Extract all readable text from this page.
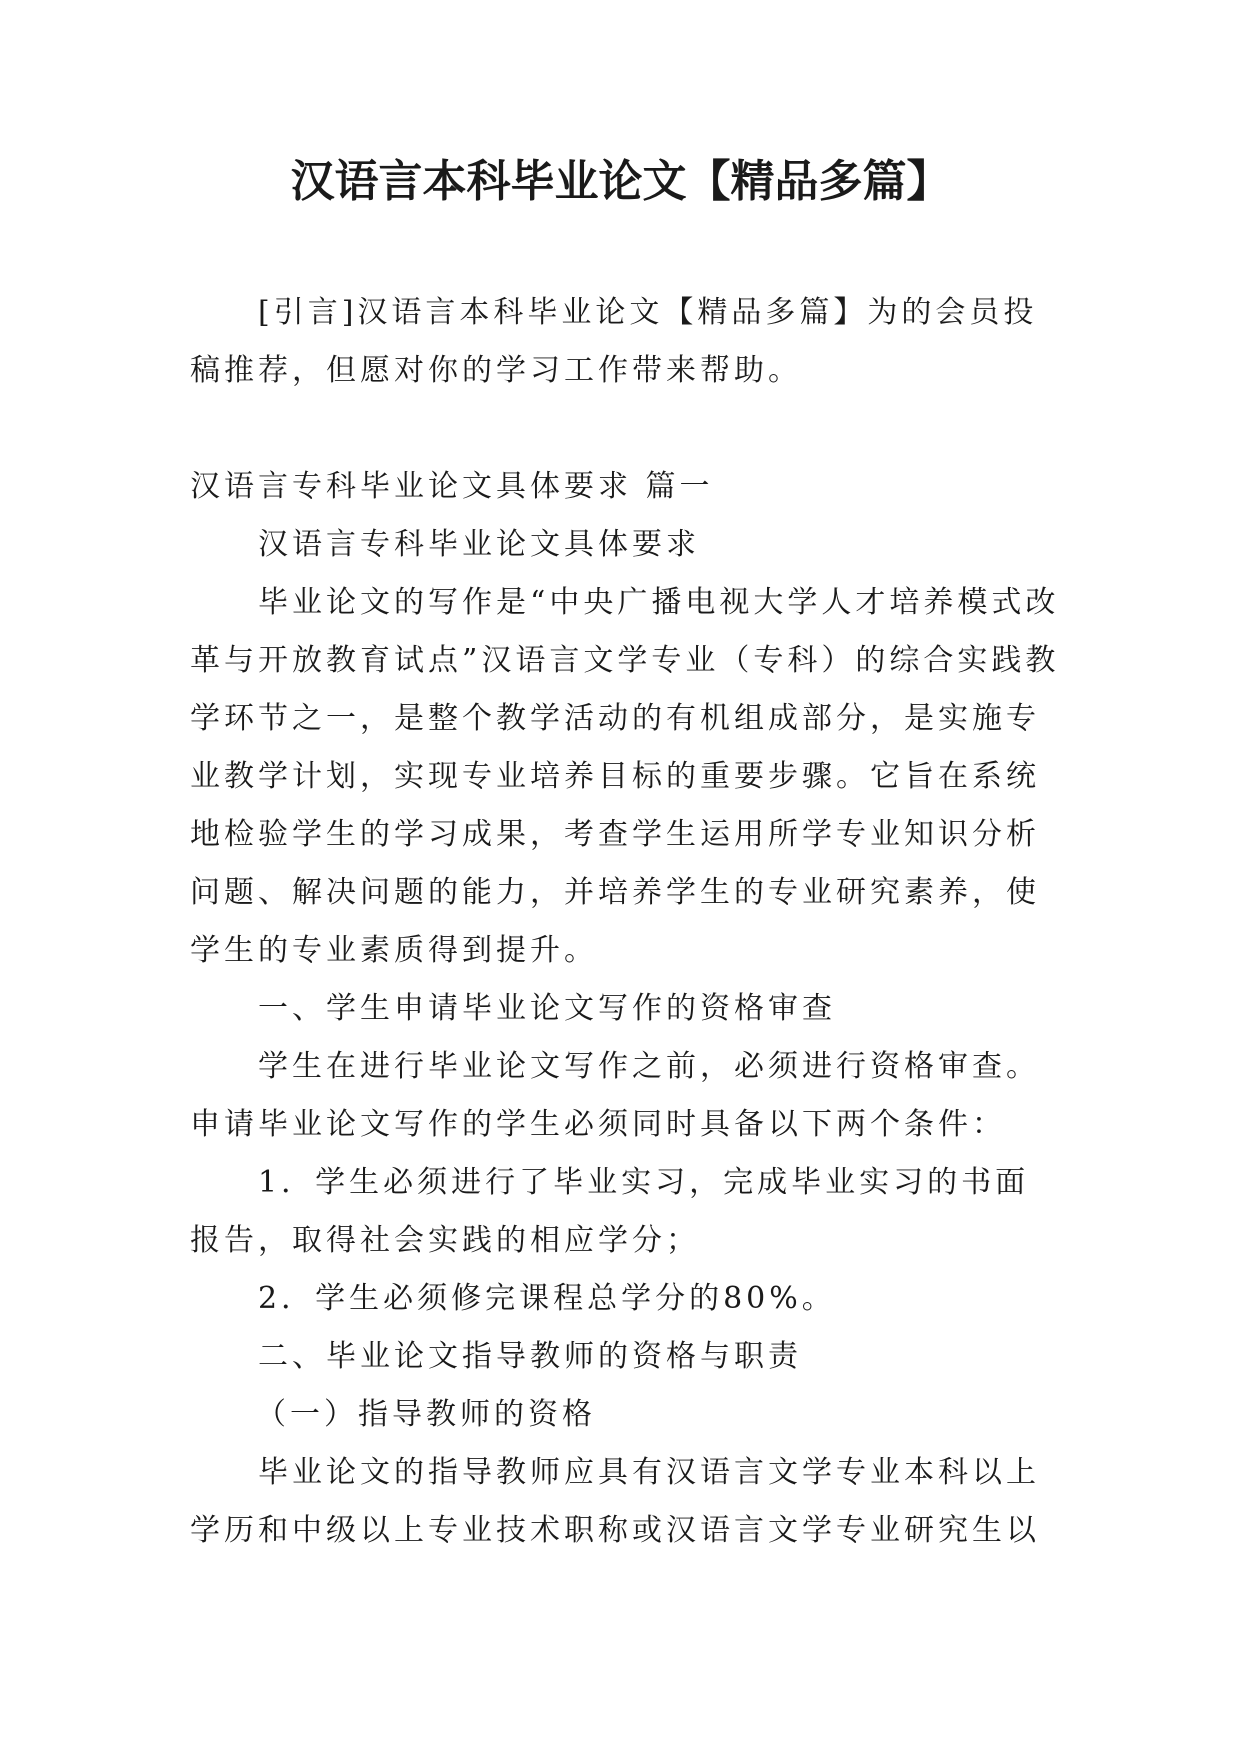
汉语言本科毕业论文【精品多篇】

[引言]汉语言本科毕业论文【精品多篇】为的会员投稿推荐，但愿对你的学习工作带来帮助。

汉语言专科毕业论文具体要求 篇一

汉语言专科毕业论文具体要求

毕业论文的写作是“中央广播电视大学人才培养模式改革与开放教育试点”汉语言文学专业（专科）的综合实践教学环节之一，是整个教学活动的有机组成部分，是实施专业教学计划，实现专业培养目标的重要步骤。它旨在系统地检验学生的学习成果，考查学生运用所学专业知识分析问题、解决问题的能力，并培养学生的专业研究素养，使学生的专业素质得到提升。

一、学生申请毕业论文写作的资格审查

学生在进行毕业论文写作之前，必须进行资格审查。申请毕业论文写作的学生必须同时具备以下两个条件：

1．学生必须进行了毕业实习，完成毕业实习的书面报告，取得社会实践的相应学分；

2．学生必须修完课程总学分的80%。

二、毕业论文指导教师的资格与职责

（一）指导教师的资格

毕业论文的指导教师应具有汉语言文学专业本科以上学历和中级以上专业技术职称或汉语言文学专业研究生以
